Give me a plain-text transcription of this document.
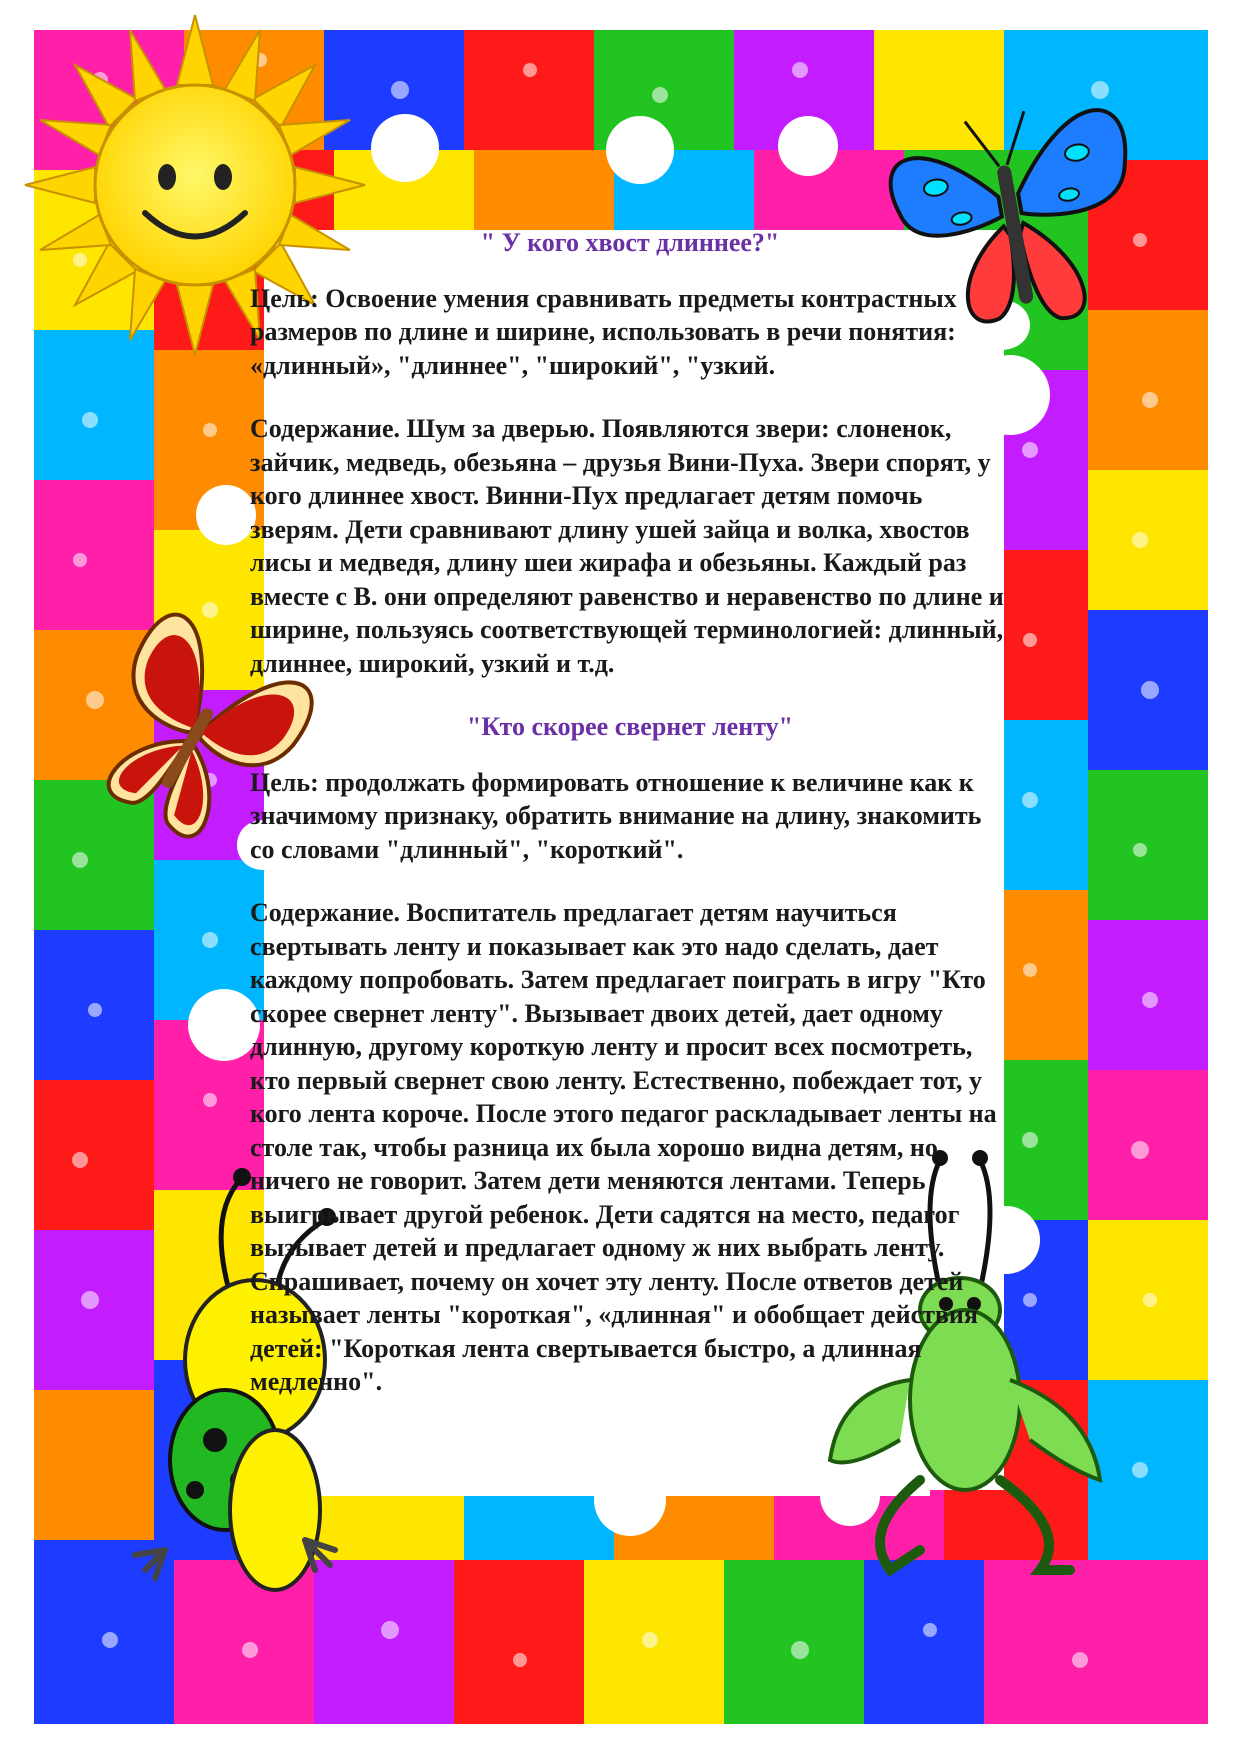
" У кого хвост длиннее?"

Цель: Освоение умения сравнивать предметы контрастных размеров по длине и ширине, использовать в речи понятия: «длинный», "длиннее", "широкий", "узкий.

Содержание. Шум за дверью. Появляются звери: слоненок, зайчик, медведь, обезьяна – друзья Вини-Пуха. Звери спорят, у кого длиннее хвост. Винни-Пух предлагает детям помочь зверям. Дети сравнивают длину ушей зайца и волка, хвостов лисы и медведя, длину шеи жирафа и обезьяны. Каждый раз вместе с В. они определяют равенство и неравенство по длине и ширине, пользуясь соответствующей терминологией: длинный, длиннее, широкий, узкий и т.д.

"Кто скорее свернет ленту"

Цель: продолжать формировать отношение к величине как к значимому признаку, обратить внимание на длину, знакомить со словами "длинный", "короткий".

Содержание. Воспитатель предлагает детям научиться свертывать ленту и показывает как это надо сделать, дает каждому попробовать. Затем предлагает поиграть в игру "Кто скорее свернет ленту". Вызывает двоих детей, дает одному длинную, другому короткую ленту и просит всех посмотреть, кто первый свернет свою ленту. Естественно, побеждает тот, у кого лента короче. После этого педагог раскладывает ленты на столе так, чтобы разница их была хорошо видна детям, но ничего не говорит. Затем дети меняются лентами. Теперь выигрывает другой ребенок. Дети садятся на место, педагог вызывает детей и предлагает одному ж них выбрать ленту. Спрашивает, почему он хочет эту ленту. После ответов детей называет ленты "короткая", «длинная" и обобщает действия детей: "Короткая лента свертывается быстро, а длинная медленно".
